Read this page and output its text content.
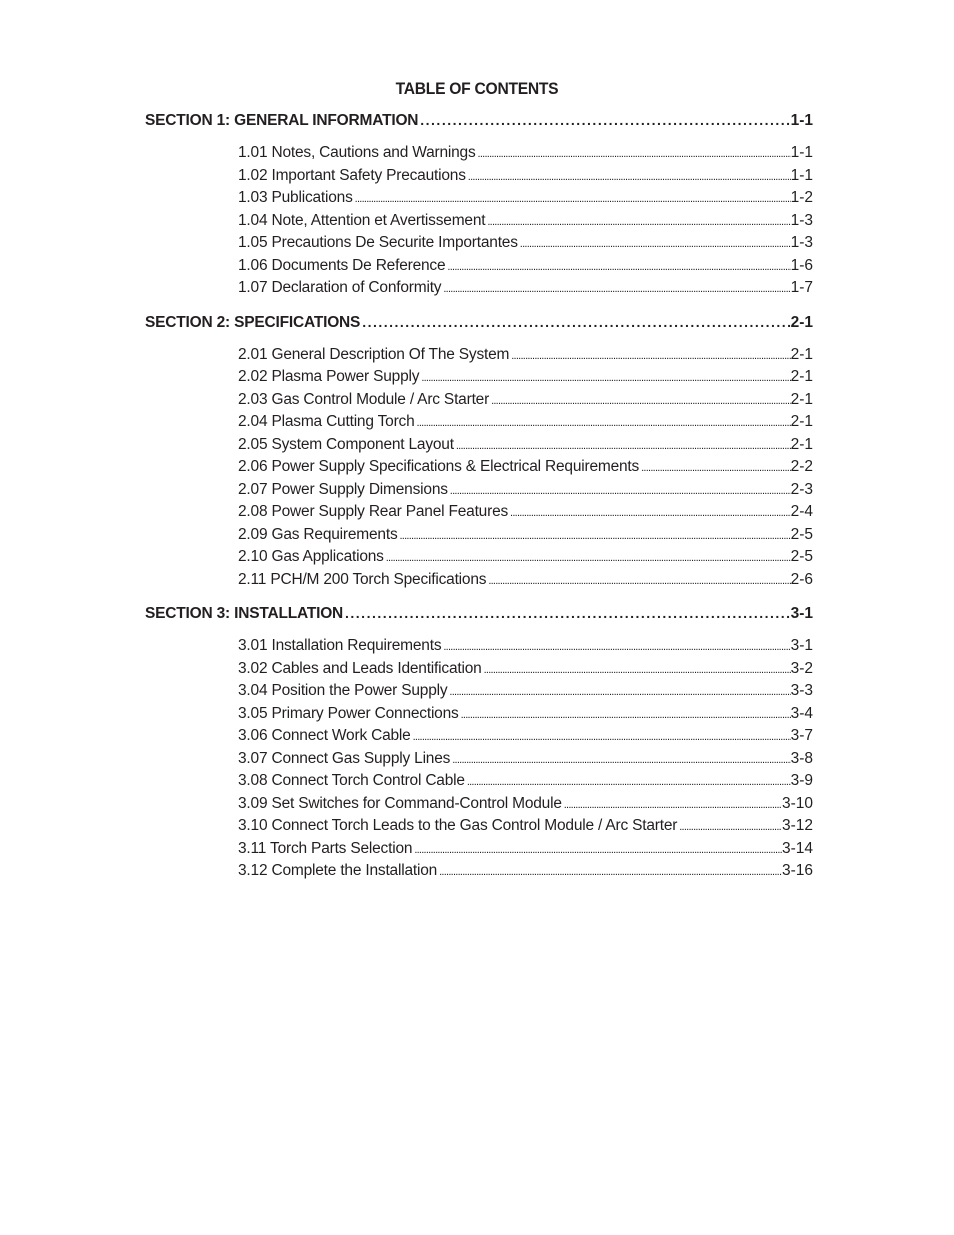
TABLE OF CONTENTS
SECTION 1: GENERAL INFORMATION . . .	1-1
1.01 Notes, Cautions and Warnings . . .	1-1
1.02 Important Safety Precautions . . .	1-1
1.03 Publications . . .	1-2
1.04 Note, Attention et Avertissement . . .	1-3
1.05 Precautions De Securite Importantes . . .	1-3
1.06 Documents De Reference . . .	1-6
1.07 Declaration of Conformity . . .	1-7
SECTION 2: SPECIFICATIONS . . .	2-1
2.01 General Description Of The System . . .	2-1
2.02 Plasma Power Supply . . .	2-1
2.03 Gas Control Module / Arc Starter . . .	2-1
2.04 Plasma Cutting Torch . . .	2-1
2.05 System Component Layout . . .	2-1
2.06 Power Supply Specifications & Electrical Requirements . . .	2-2
2.07 Power Supply Dimensions . . .	2-3
2.08 Power Supply Rear Panel Features . . .	2-4
2.09 Gas Requirements . . .	2-5
2.10 Gas Applications . . .	2-5
2.11 PCH/M 200 Torch Specifications . . .	2-6
SECTION 3: INSTALLATION . . .	3-1
3.01 Installation Requirements . . .	3-1
3.02 Cables and Leads Identification . . .	3-2
3.04 Position the Power Supply . . .	3-3
3.05 Primary Power Connections . . .	3-4
3.06 Connect Work Cable . . .	3-7
3.07 Connect Gas Supply Lines . . .	3-8
3.08 Connect Torch Control Cable . . .	3-9
3.09 Set Switches for Command-Control Module . . .	3-10
3.10 Connect Torch Leads to the Gas Control Module / Arc Starter . . .	3-12
3.11 Torch Parts Selection . . .	3-14
3.12 Complete the Installation . . .	3-16
